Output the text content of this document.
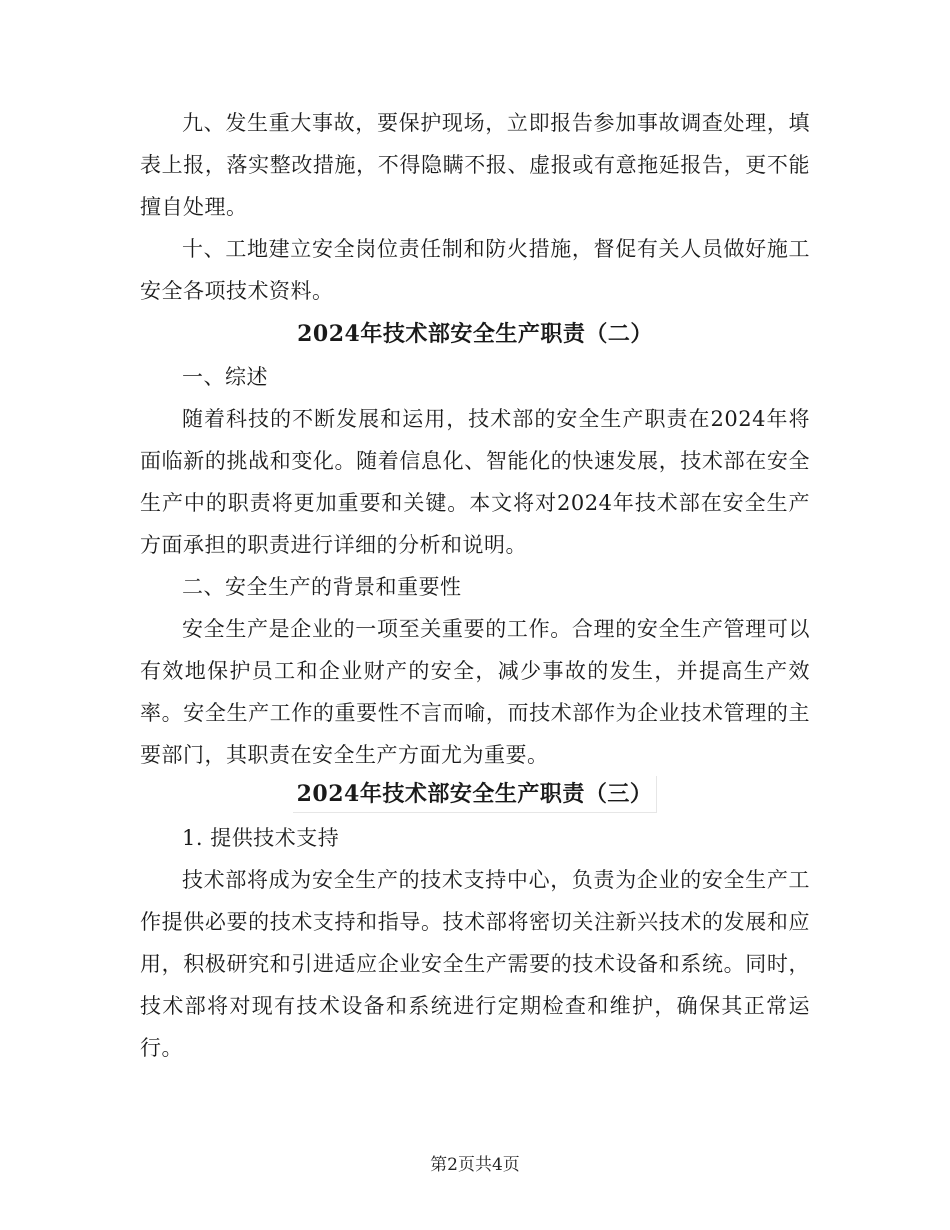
九、发生重大事故，要保护现场，立即报告参加事故调查处理，填表上报，落实整改措施，不得隐瞒不报、虚报或有意拖延报告，更不能擅自处理。

十、工地建立安全岗位责任制和防火措施，督促有关人员做好施工安全各项技术资料。

2024年技术部安全生产职责（二）

一、综述

随着科技的不断发展和运用，技术部的安全生产职责在2024年将面临新的挑战和变化。随着信息化、智能化的快速发展，技术部在安全生产中的职责将更加重要和关键。本文将对2024年技术部在安全生产方面承担的职责进行详细的分析和说明。

二、安全生产的背景和重要性

安全生产是企业的一项至关重要的工作。合理的安全生产管理可以有效地保护员工和企业财产的安全，减少事故的发生，并提高生产效率。安全生产工作的重要性不言而喻，而技术部作为企业技术管理的主要部门，其职责在安全生产方面尤为重要。

2024年技术部安全生产职责（三）

1. 提供技术支持

技术部将成为安全生产的技术支持中心，负责为企业的安全生产工作提供必要的技术支持和指导。技术部将密切关注新兴技术的发展和应用，积极研究和引进适应企业安全生产需要的技术设备和系统。同时，技术部将对现有技术设备和系统进行定期检查和维护，确保其正常运行。

第2页共4页
